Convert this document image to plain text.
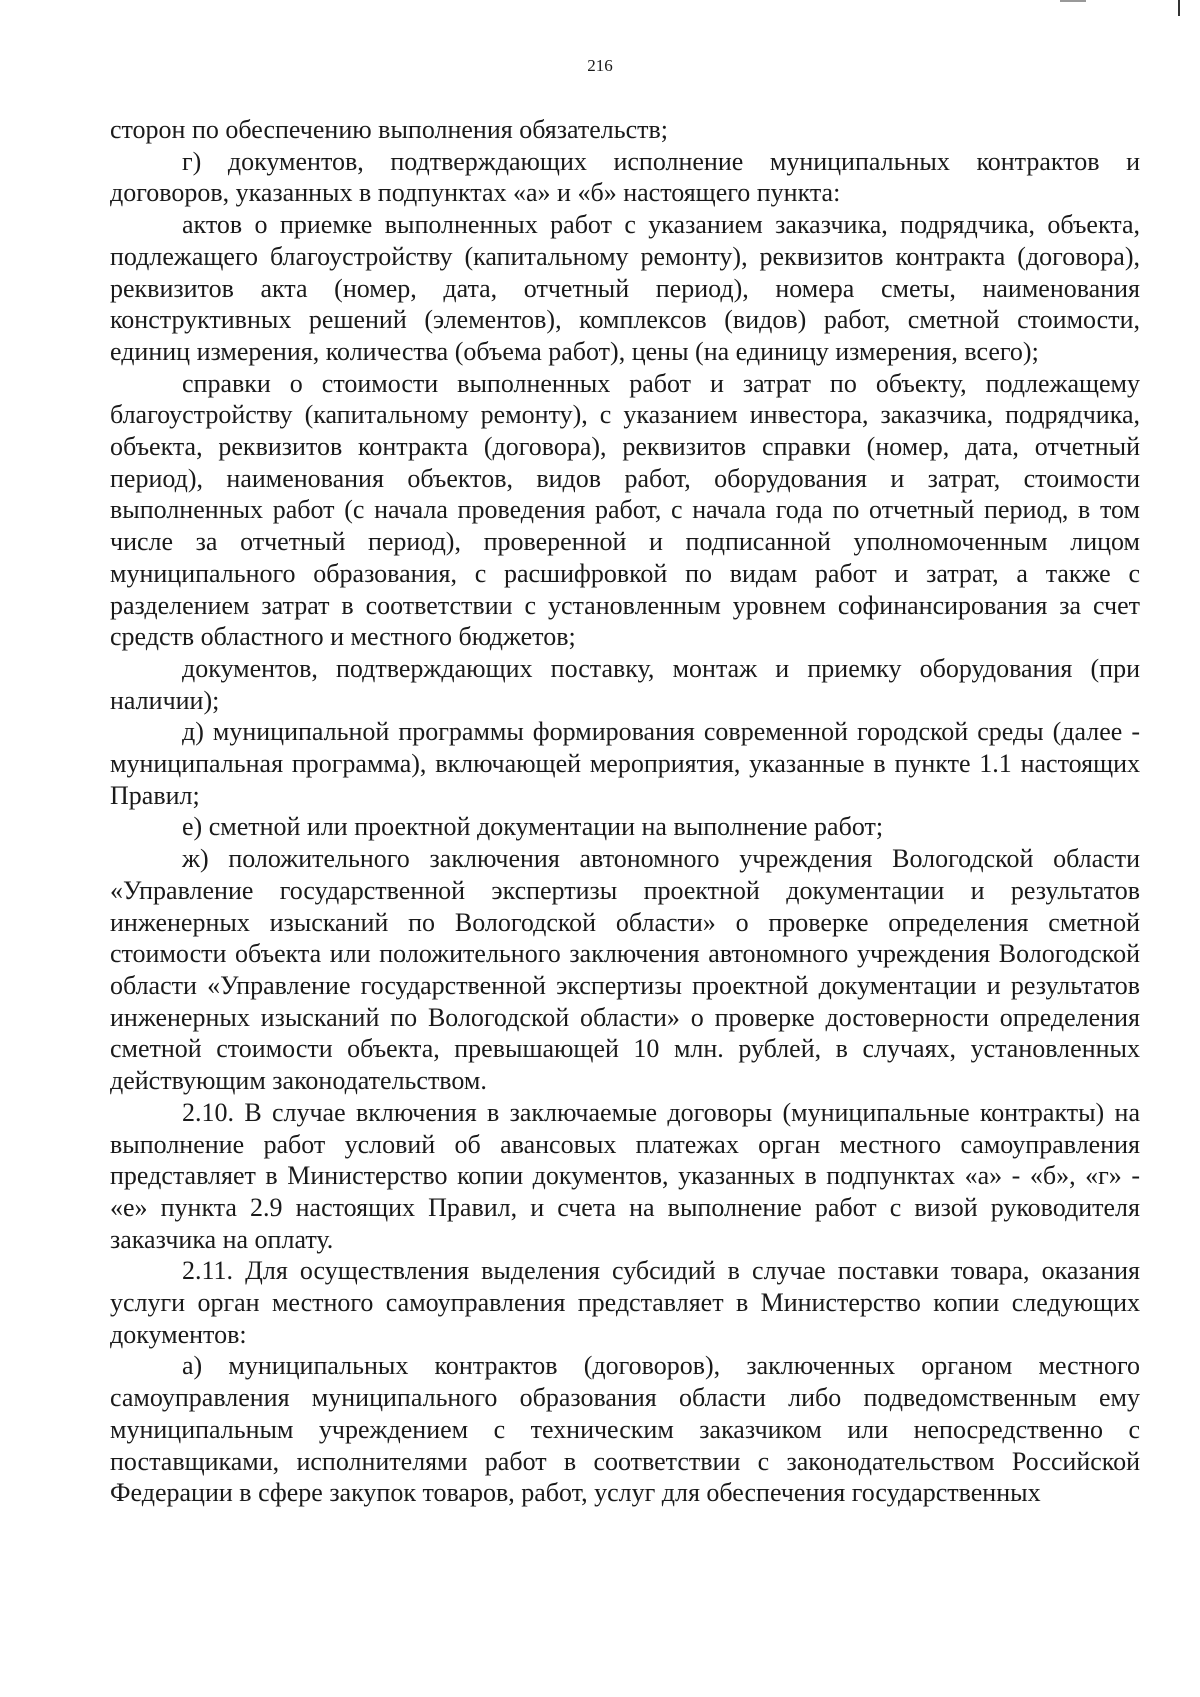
216

сторон по обеспечению выполнения обязательств;

г) документов, подтверждающих исполнение муниципальных контрактов и договоров, указанных в подпунктах «а» и «б» настоящего пункта:

актов о приемке выполненных работ с указанием заказчика, подрядчика, объекта, подлежащего благоустройству (капитальному ремонту), реквизитов контракта (договора), реквизитов акта (номер, дата, отчетный период), номера сметы, наименования конструктивных решений (элементов), комплексов (видов) работ, сметной стоимости, единиц измерения, количества (объема работ), цены (на единицу измерения, всего);

справки о стоимости выполненных работ и затрат по объекту, подлежащему благоустройству (капитальному ремонту), с указанием инвестора, заказчика, подрядчика, объекта, реквизитов контракта (договора), реквизитов справки (номер, дата, отчетный период), наименования объектов, видов работ, оборудования и затрат, стоимости выполненных работ (с начала проведения работ, с начала года по отчетный период, в том числе за отчетный период), проверенной и подписанной уполномоченным лицом муниципального образования, с расшифровкой по видам работ и затрат, а также с разделением затрат в соответствии с установленным уровнем софинансирования за счет средств областного и местного бюджетов;

документов, подтверждающих поставку, монтаж и приемку оборудования (при наличии);

д) муниципальной программы формирования современной городской среды (далее - муниципальная программа), включающей мероприятия, указанные в пункте 1.1 настоящих Правил;

е) сметной или проектной документации на выполнение работ;

ж) положительного заключения автономного учреждения Вологодской области «Управление государственной экспертизы проектной документации и результатов инженерных изысканий по Вологодской области» о проверке определения сметной стоимости объекта или положительного заключения автономного учреждения Вологодской области «Управление государственной экспертизы проектной документации и результатов инженерных изысканий по Вологодской области» о проверке достоверности определения сметной стоимости объекта, превышающей 10 млн. рублей, в случаях, установленных действующим законодательством.

2.10. В случае включения в заключаемые договоры (муниципальные контракты) на выполнение работ условий об авансовых платежах орган местного самоуправления представляет в Министерство копии документов, указанных в подпунктах «а» - «б», «г» - «е» пункта 2.9 настоящих Правил, и счета на выполнение работ с визой руководителя заказчика на оплату.

2.11. Для осуществления выделения субсидий в случае поставки товара, оказания услуги орган местного самоуправления представляет в Министерство копии следующих документов:

а) муниципальных контрактов (договоров), заключенных органом местного самоуправления муниципального образования области либо подведомственным ему муниципальным учреждением с техническим заказчиком или непосредственно с поставщиками, исполнителями работ в соответствии с законодательством Российской Федерации в сфере закупок товаров, работ, услуг для обеспечения государственных
